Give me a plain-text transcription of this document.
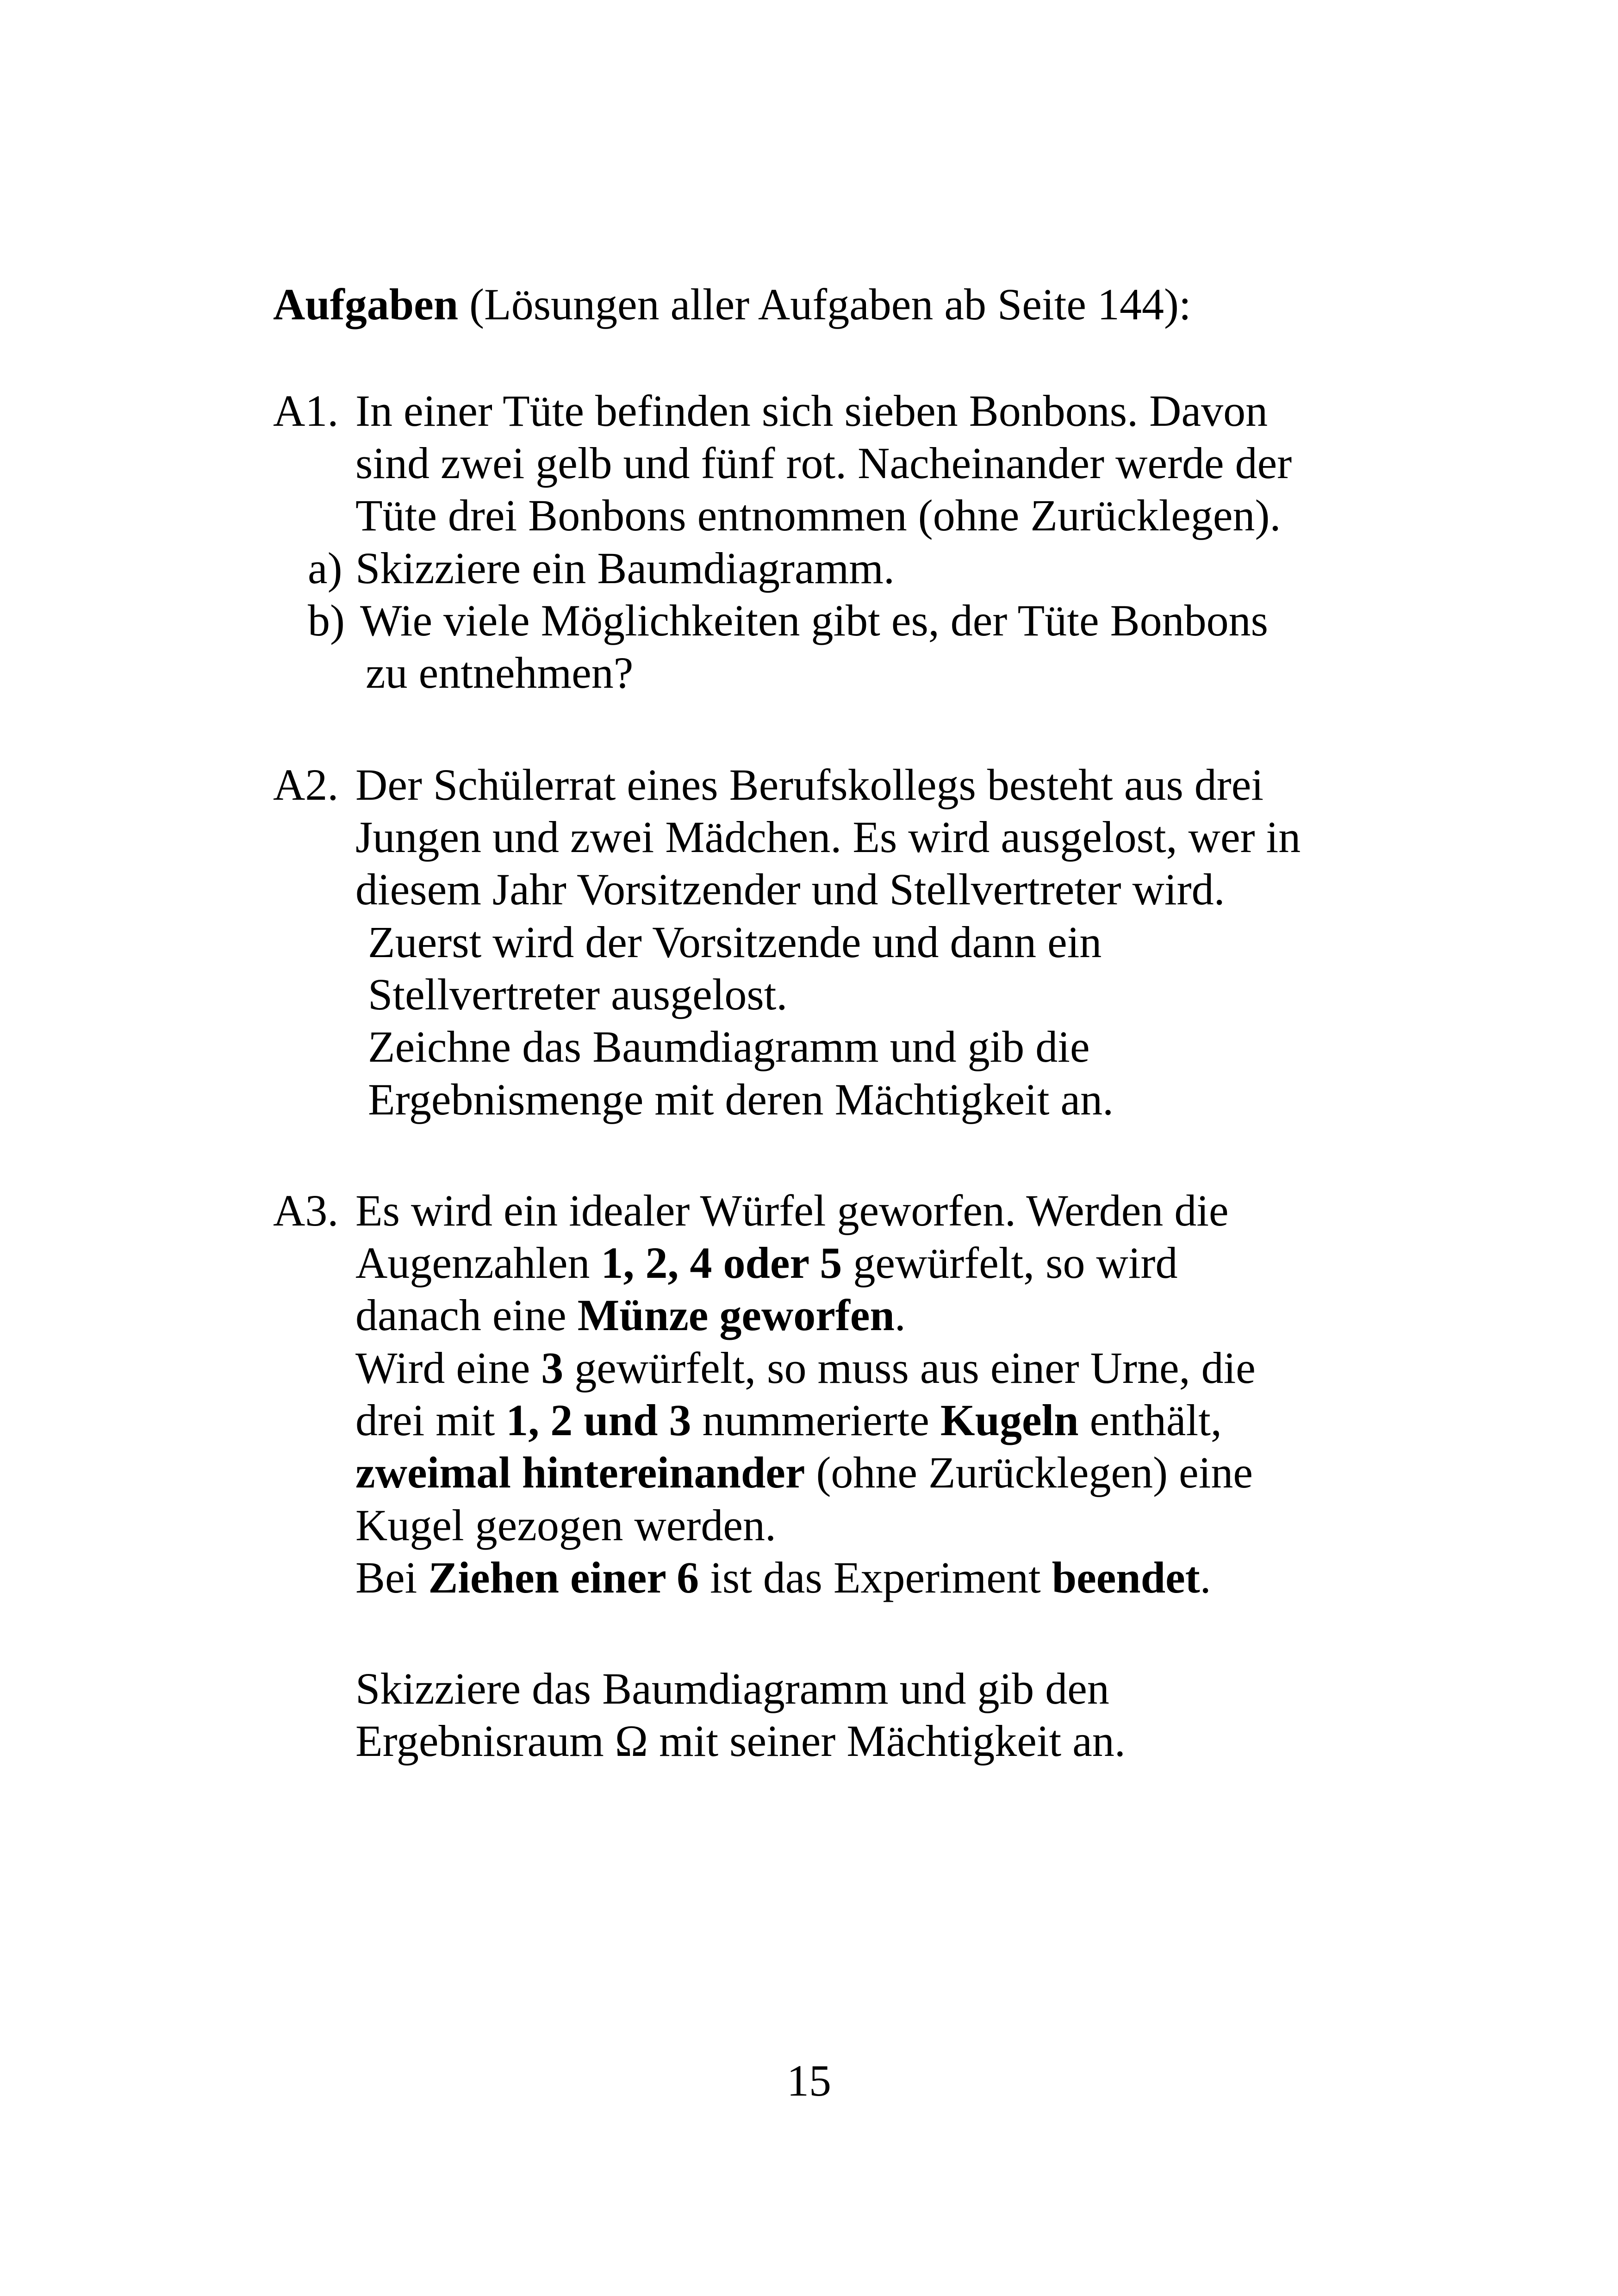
Aufgaben (Lösungen aller Aufgaben ab Seite 144):
A1. In einer Tüte befinden sich sieben Bonbons. Davon
sind zwei gelb und fünf rot. Nacheinander werde der
Tüte drei Bonbons entnommen (ohne Zurücklegen).
a) Skizziere ein Baumdiagramm.
b) Wie viele Möglichkeiten gibt es, der Tüte Bonbons
zu entnehmen?
A2. Der Schülerrat eines Berufskollegs besteht aus drei
Jungen und zwei Mädchen. Es wird ausgelost, wer in
diesem Jahr Vorsitzender und Stellvertreter wird.
Zuerst wird der Vorsitzende und dann ein
Stellvertreter ausgelost.
Zeichne das Baumdiagramm und gib die
Ergebnismenge mit deren Mächtigkeit an.
A3. Es wird ein idealer Würfel geworfen. Werden die
Augenzahlen 1, 2, 4 oder 5 gewürfelt, so wird
danach eine Münze geworfen.
Wird eine 3 gewürfelt, so muss aus einer Urne, die
drei mit 1, 2 und 3 nummerierte Kugeln enthält,
zweimal hintereinander (ohne Zurücklegen) eine
Kugel gezogen werden.
Bei Ziehen einer 6 ist das Experiment beendet.
Skizziere das Baumdiagramm und gib den
Ergebnisraum Ω mit seiner Mächtigkeit an.
15
